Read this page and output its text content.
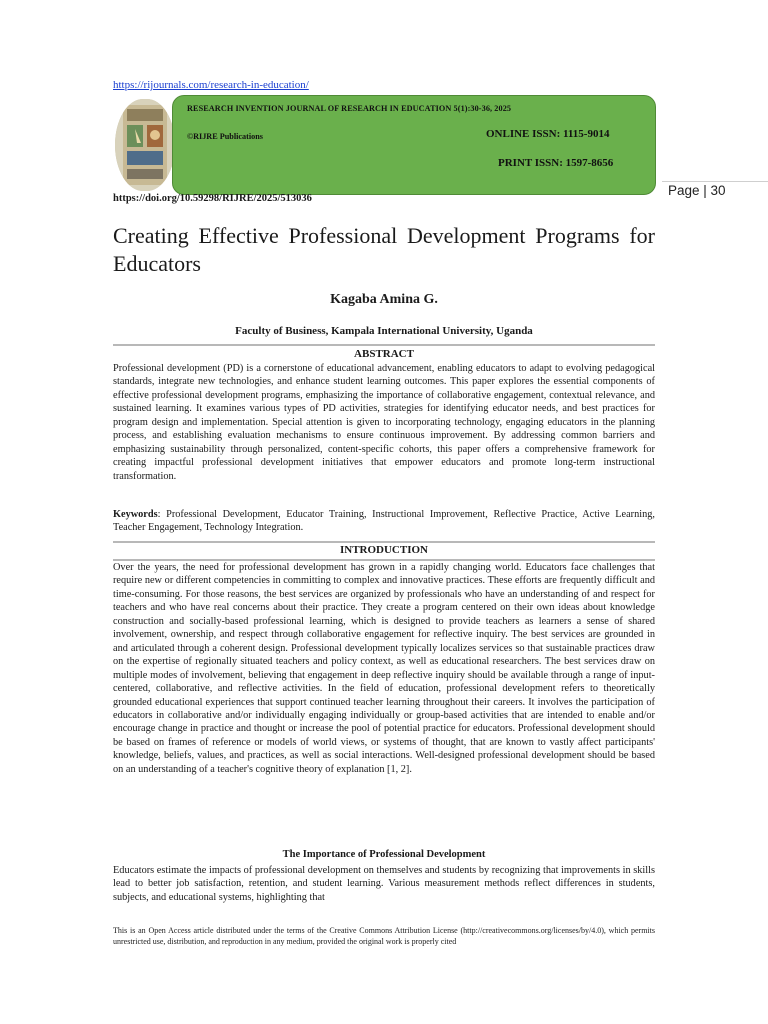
https://rijournals.com/research-in-education/
RESEARCH INVENTION JOURNAL OF RESEARCH IN EDUCATION 5(1):30-36, 2025
©RIJRE Publications	ONLINE ISSN: 1115-9014
PRINT ISSN: 1597-8656
Page | 30
https://doi.org/10.59298/RIJRE/2025/513036
Creating Effective Professional Development Programs for Educators
Kagaba Amina G.
Faculty of Business, Kampala International University, Uganda
ABSTRACT
Professional development (PD) is a cornerstone of educational advancement, enabling educators to adapt to evolving pedagogical standards, integrate new technologies, and enhance student learning outcomes. This paper explores the essential components of effective professional development programs, emphasizing the importance of collaborative engagement, contextual relevance, and sustained learning. It examines various types of PD activities, strategies for identifying educator needs, and best practices for program design and implementation. Special attention is given to incorporating technology, engaging educators in the planning process, and establishing evaluation mechanisms to ensure continuous improvement. By addressing common barriers and emphasizing sustainability through personalized, content-specific cohorts, this paper offers a comprehensive framework for creating impactful professional development initiatives that empower educators and promote long-term instructional transformation.
Keywords: Professional Development, Educator Training, Instructional Improvement, Reflective Practice, Active Learning, Teacher Engagement, Technology Integration.
INTRODUCTION
Over the years, the need for professional development has grown in a rapidly changing world. Educators face challenges that require new or different competencies in committing to complex and innovative practices. These efforts are frequently difficult and time-consuming. For those reasons, the best services are organized by professionals who have an understanding of and respect for teachers and who have real concerns about their practice. They create a program centered on their own ideas about knowledge construction and socially-based professional learning, which is designed to provide teachers as learners a sense of shared involvement, ownership, and respect through collaborative engagement for reflective inquiry. The best services are grounded in and articulated through a coherent design. Professional development typically localizes services so that sustainable practices draw on the expertise of regionally situated teachers and policy context, as well as educational researchers. The best services draw on multiple modes of involvement, believing that engagement in deep reflective inquiry should be available through a range of input-centered, collaborative, and reflective activities. In the field of education, professional development refers to theoretically grounded educational experiences that support continued teacher learning throughout their careers. It involves the participation of educators in collaborative and/or individually engaging individually or group-based activities that are intended to enable and/or encourage change in practice and thought or increase the pool of potential practice for educators. Professional development should be based on frames of reference or models of world views, or systems of thought, that are known to vastly affect participants' knowledge, beliefs, values, and practices, as well as social interactions. Well-designed professional development should be based on an understanding of a teacher's cognitive theory of explanation [1, 2].
The Importance of Professional Development
Educators estimate the impacts of professional development on themselves and students by recognizing that improvements in skills lead to better job satisfaction, retention, and student learning. Various measurement methods reflect differences in students, subjects, and educational systems, highlighting that
This is an Open Access article distributed under the terms of the Creative Commons Attribution License (http://creativecommons.org/licenses/by/4.0), which permits unrestricted use, distribution, and reproduction in any medium, provided the original work is properly cited
